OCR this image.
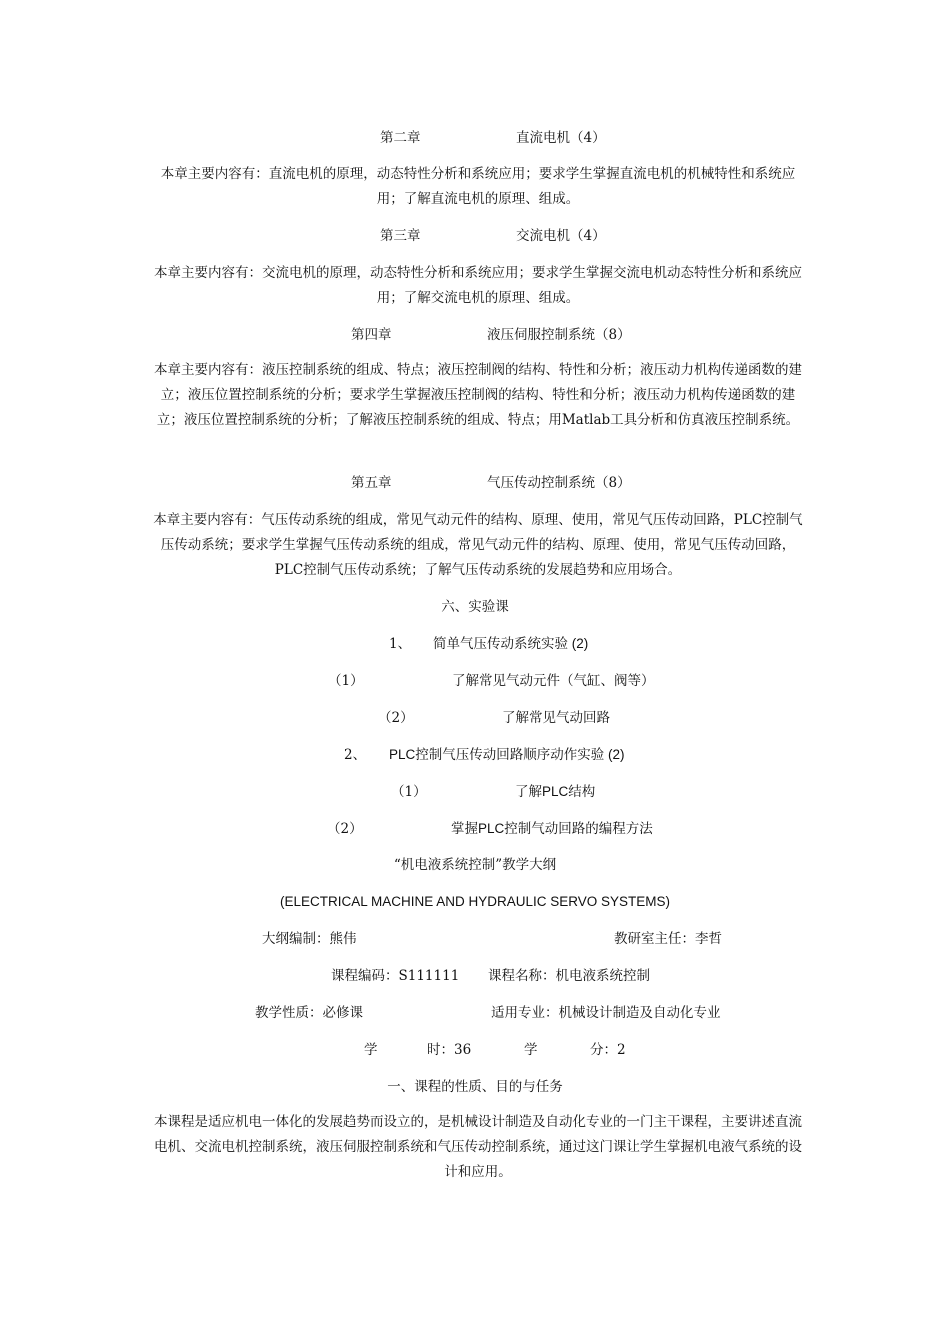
第二章	直流电机（4）
本章主要内容有：直流电机的原理，动态特性分析和系统应用；要求学生掌握直流电机的机械特性和系统应用；了解直流电机的原理、组成。
第三章	交流电机（4）
本章主要内容有：交流电机的原理，动态特性分析和系统应用；要求学生掌握交流电机动态特性分析和系统应用；了解交流电机的原理、组成。
第四章	液压伺服控制系统（8）
本章主要内容有：液压控制系统的组成、特点；液压控制阀的结构、特性和分析；液压动力机构传递函数的建立；液压位置控制系统的分析；要求学生掌握液压控制阀的结构、特性和分析；液压动力机构传递函数的建立；液压位置控制系统的分析；了解液压控制系统的组成、特点；用Matlab工具分析和仿真液压控制系统。
第五章	气压传动控制系统（8）
本章主要内容有：气压传动系统的组成，常见气动元件的结构、原理、使用，常见气压传动回路，PLC控制气压传动系统；要求学生掌握气压传动系统的组成，常见气动元件的结构、原理、使用，常见气压传动回路，PLC控制气压传动系统；了解气压传动系统的发展趋势和应用场合。
六、实验课
1、 简单气压传动系统实验 (2)
（1）	了解常见气动元件（气缸、阀等）
（2）	了解常见气动回路
2、 PLC控制气压传动回路顺序动作实验 (2)
（1）	了解PLC结构
（2）	掌握PLC控制气动回路的编程方法
“机电液系统控制”教学大纲
(ELECTRICAL MACHINE AND HYDRAULIC SERVO SYSTEMS)
大纲编制：熊伟	教研室主任：李哲
课程编码：S111111 课程名称：机电液系统控制
教学性质：必修课	适用专业：机械设计制造及自动化专业
学	时：36	学	分：2
一、课程的性质、目的与任务
本课程是适应机电一体化的发展趋势而设立的，是机械设计制造及自动化专业的一门主干课程，主要讲述直流电机、交流电机控制系统，液压伺服控制系统和气压传动控制系统，通过这门课让学生掌握机电液气系统的设计和应用。
